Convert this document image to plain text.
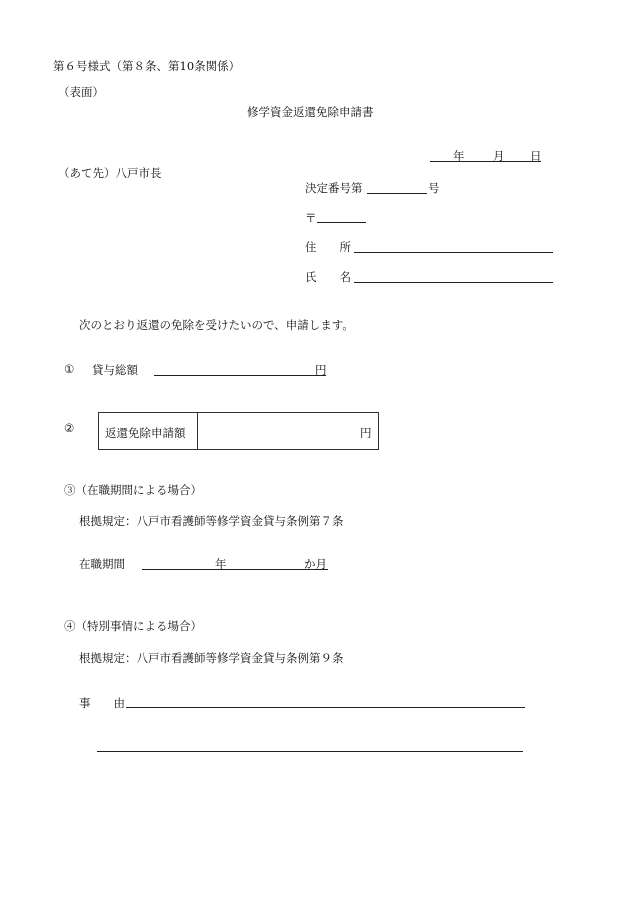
第６号様式（第８条、第10条関係）
（表面）
修学資金返還免除申請書
年 月 日
（あて先）八戸市長
決定番号第	号
〒
住　　所
氏　　名
次のとおり返還の免除を受けたいので、申請します。
① 貸与総額	円
②	返還免除申請額	円
③（在職期間による場合）
根拠規定：八戸市看護師等修学資金貸与条例第７条
在職期間	年	か月
④（特別事情による場合）
根拠規定：八戸市看護師等修学資金貸与条例第９条
事　　由
